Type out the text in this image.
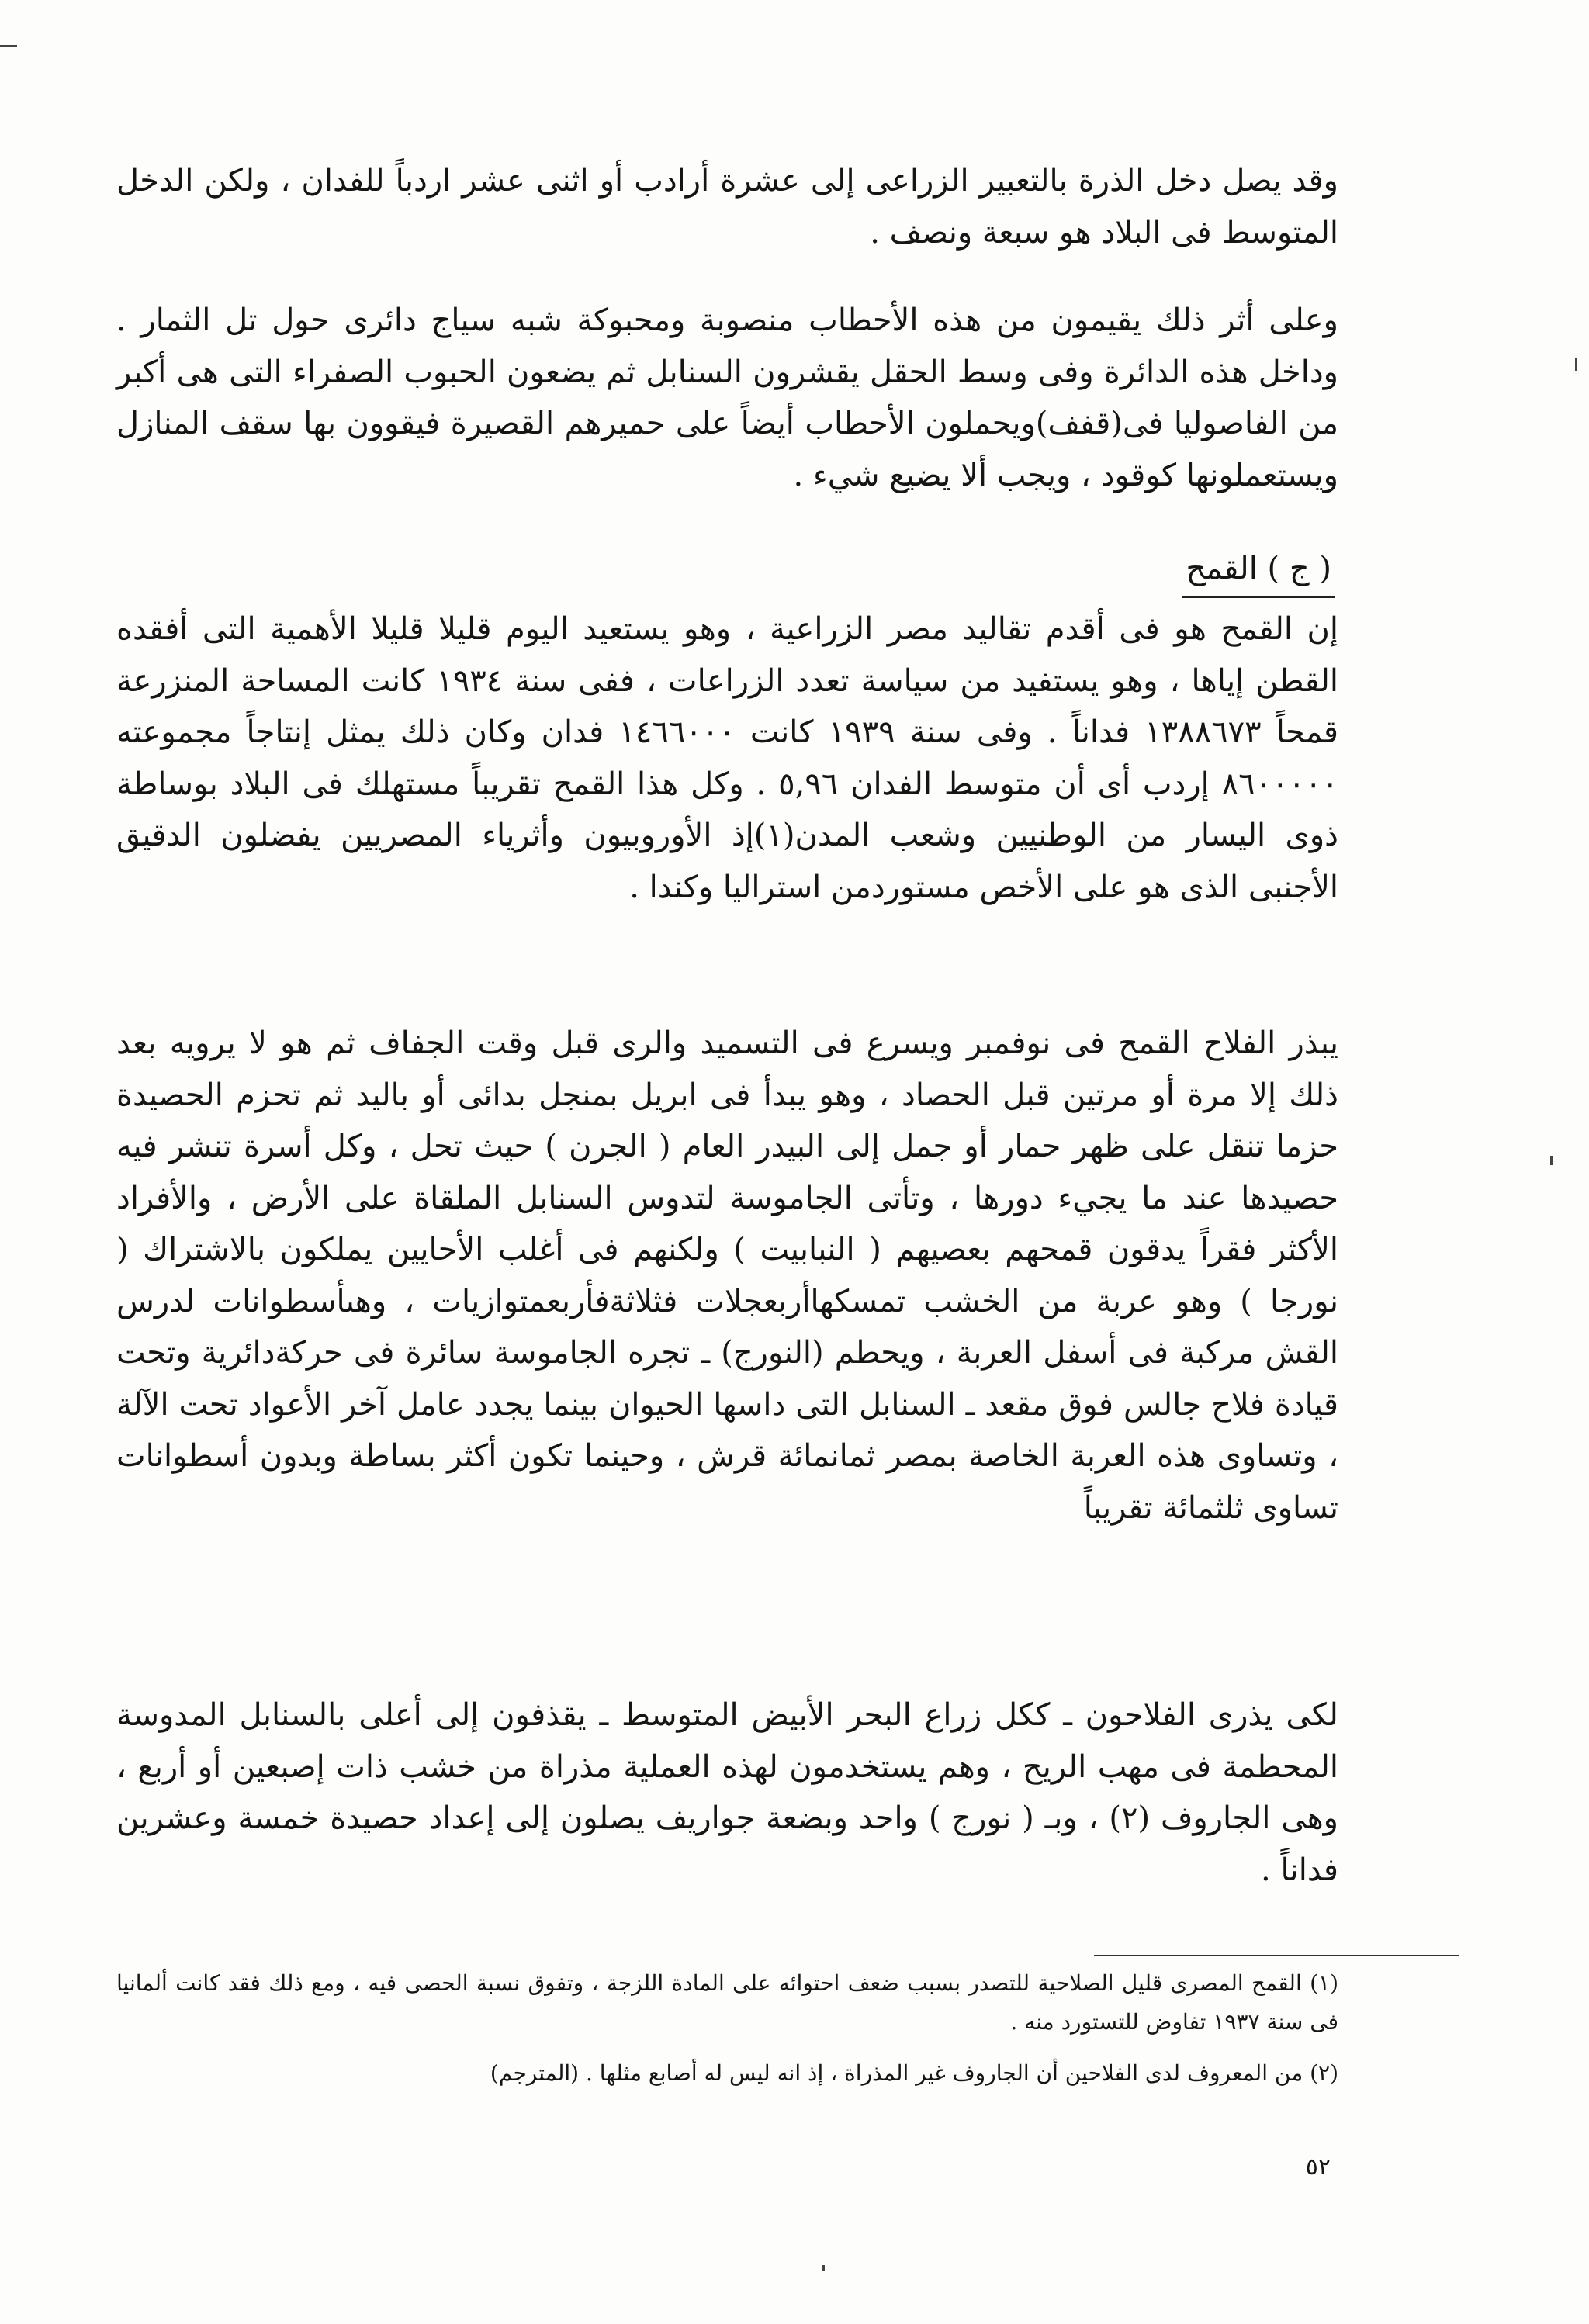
وقد يصل دخل الذرة بالتعبير الزراعى إلى عشرة أرادب أو اثنى عشر اردباً للفدان ، ولكن الدخل المتوسط فى البلاد هو سبعة ونصف .

وعلى أثر ذلك يقيمون من هذه الأحطاب منصوبة ومحبوكة شبه سياج دائرى حول تل الثمار . وداخل هذه الدائرة وفى وسط الحقل يقشرون السنابل ثم يضعون الحبوب الصفراء التى هى أكبر من الفاصوليا فى(قفف)ويحملون الأحطاب أيضاً على حميرهم القصيرة فيقوون بها سقف المنازل ويستعملونها كوقود ، ويجب ألا يضيع شيء .

( ج ) القمح

إن القمح هو فى أقدم تقاليد مصر الزراعية ، وهو يستعيد اليوم قليلا قليلا الأهمية التى أفقده القطن إياها ، وهو يستفيد من سياسة تعدد الزراعات ، ففى سنة ١٩٣٤ كانت المساحة المنزرعة قمحاً ١٣٨٨٦٧٣ فداناً . وفى سنة ١٩٣٩ كانت ١٤٦٦٠٠٠ فدان وكان ذلك يمثل إنتاجاً مجموعته ٨٦٠٠٠٠٠ إردب أى أن متوسط الفدان ٥,٩٦ . وكل هذا القمح تقريباً مستهلك فى البلاد بوساطة ذوى اليسار من الوطنيين وشعب المدن(١)إذ الأوروبيون وأثرياء المصريين يفضلون الدقيق الأجنبى الذى هو على الأخص مستوردمن استراليا وكندا .

يبذر الفلاح القمح فى نوفمبر ويسرع فى التسميد والرى قبل وقت الجفاف ثم هو لا يرويه بعد ذلك إلا مرة أو مرتين قبل الحصاد ، وهو يبدأ فى ابريل بمنجل بدائى أو باليد ثم تحزم الحصيدة حزما تنقل على ظهر حمار أو جمل إلى البيدر العام ( الجرن ) حيث تحل ، وكل أسرة تنشر فيه حصيدها عند ما يجيء دورها ، وتأتى الجاموسة لتدوس السنابل الملقاة على الأرض ، والأفراد الأكثر فقراً يدقون قمحهم بعصيهم ( النبابيت ) ولكنهم فى أغلب الأحايين يملكون بالاشتراك ( نورجا ) وهو عربة من الخشب تمسكهاأربعجلات فثلاثةفأربعمتوازيات ، وهىأسطوانات لدرس القش مركبة فى أسفل العربة ، ويحطم (النورج) ـ تجره الجاموسة سائرة فى حركةدائرية وتحت قيادة فلاح جالس فوق مقعد ـ السنابل التى داسها الحيوان بينما يجدد عامل آخر الأعواد تحت الآلة ، وتساوى هذه العربة الخاصة بمصر ثمانمائة قرش ، وحينما تكون أكثر بساطة وبدون أسطوانات تساوى ثلثمائة تقريباً

لكى يذرى الفلاحون ـ ككل زراع البحر الأبيض المتوسط ـ يقذفون إلى أعلى بالسنابل المدوسة المحطمة فى مهب الريح ، وهم يستخدمون لهذه العملية مذراة من خشب ذات إصبعين أو أربع ، وهى الجاروف (٢) ، وبـ ( نورج ) واحد وبضعة جواريف يصلون إلى إعداد حصيدة خمسة وعشرين فداناً .

(١) القمح المصرى قليل الصلاحية للتصدر بسبب ضعف احتوائه على المادة اللزجة ، وتفوق نسبة الحصى فيه ، ومع ذلك فقد كانت ألمانيا فى سنة ١٩٣٧ تفاوض للتستورد منه .

(٢) من المعروف لدى الفلاحين أن الجاروف غير المذراة ، إذ انه ليس له أصابع مثلها . (المترجم)

٥٢
